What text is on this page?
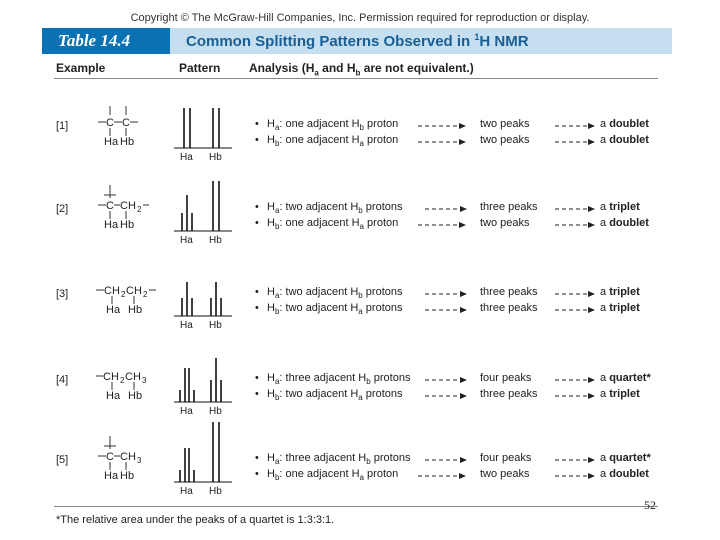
Copyright © The McGraw-Hill Companies, Inc. Permission required for reproduction or display.
Table 14.4	Common Splitting Patterns Observed in $^1$H NMR
Example	Pattern Analysis ($H_a$ and $H_b$ are not equivalent.)
[1]	C C
Ha Hb
Ha Hb
• $H_a$: one adjacent $H_b$ proton	two peaks	a doublet
• $H_b$: one adjacent $H_a$ proton	two peaks	a doublet
[2]	C CH 2
Ha Hb
Ha Hb
• $H_a$: two adjacent $H_b$ protons	three peaks	a triplet
• $H_b$: one adjacent $H_a$ proton	two peaks	a doublet
[3]	CH 2 CH 2
Ha Hb
Ha Hb
• $H_a$: two adjacent $H_b$ protons	three peaks	a triplet
• $H_b$: two adjacent $H_a$ protons	three peaks	a triplet
[4]	CH 2 CH 3
Ha Hb
Ha Hb
• $H_a$: three adjacent $H_b$ protons	four peaks	a quartet*
• $H_b$: two adjacent $H_a$ protons	three peaks	a triplet
[5]	C CH 3
Ha Hb
Ha Hb
• $H_a$: three adjacent $H_b$ protons	four peaks	a quartet*
• $H_b$: one adjacent $H_a$ proton	two peaks	a doublet
*The relative area under the peaks of a quartet is 1:3:3:1.
52
